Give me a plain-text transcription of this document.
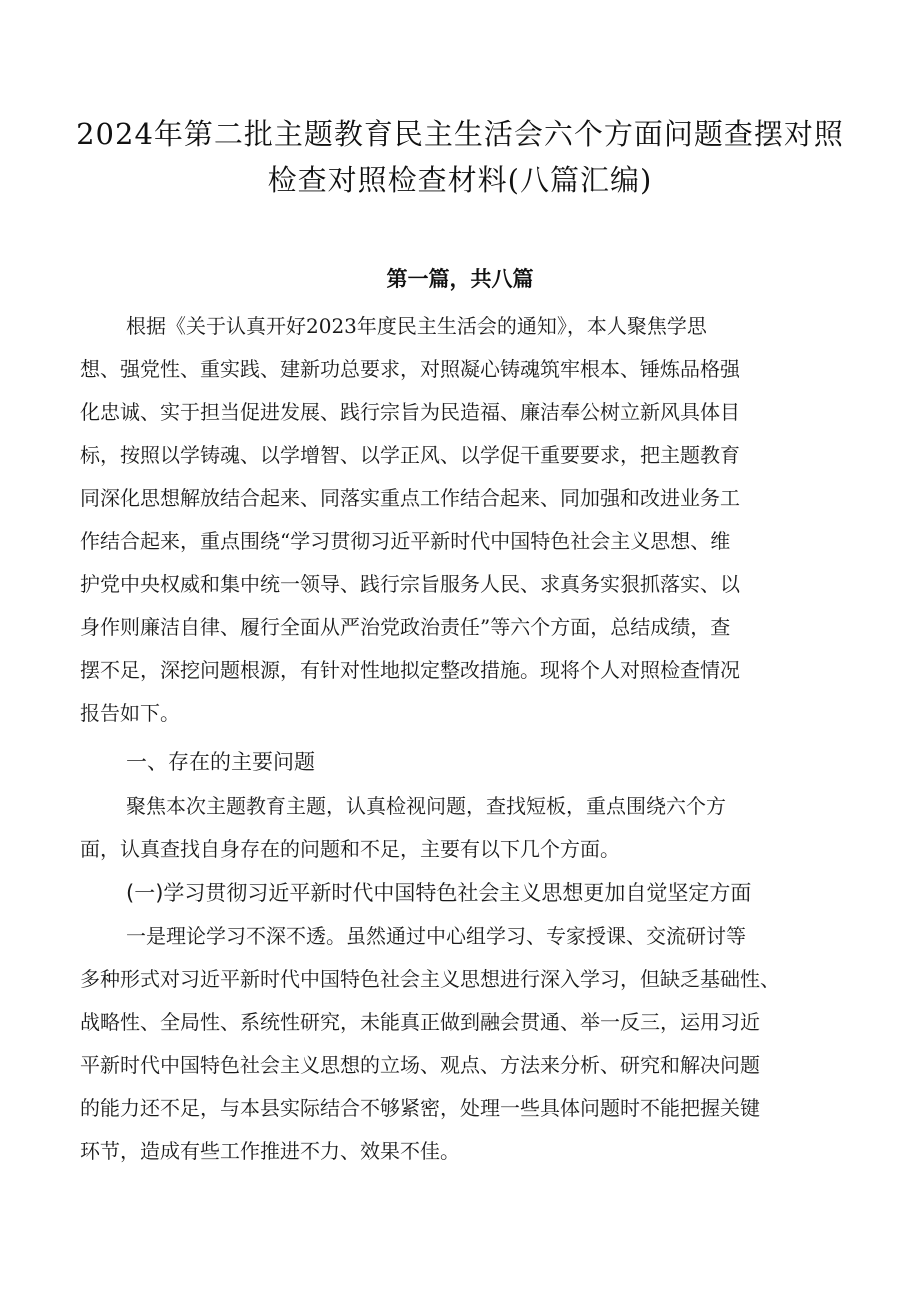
2024年第二批主题教育民主生活会六个方面问题查摆对照
检查对照检查材料(八篇汇编)
第一篇，共八篇
根据《关于认真开好2023年度民主生活会的通知》，本人聚焦学思
想、强党性、重实践、建新功总要求，对照凝心铸魂筑牢根本、锤炼品格强
化忠诚、实于担当促进发展、践行宗旨为民造福、廉洁奉公树立新风具体目
标，按照以学铸魂、以学增智、以学正风、以学促干重要要求，把主题教育
同深化思想解放结合起来、同落实重点工作结合起来、同加强和改进业务工
作结合起来，重点围绕“学习贯彻习近平新时代中国特色社会主义思想、维
护党中央权威和集中统一领导、践行宗旨服务人民、求真务实狠抓落实、以
身作则廉洁自律、履行全面从严治党政治责任”等六个方面，总结成绩，查
摆不足，深挖问题根源，有针对性地拟定整改措施。现将个人对照检查情况
报告如下。
一、存在的主要问题
聚焦本次主题教育主题，认真检视问题，查找短板，重点围绕六个方
面，认真查找自身存在的问题和不足，主要有以下几个方面。
(一)学习贯彻习近平新时代中国特色社会主义思想更加自觉坚定方面
一是理论学习不深不透。虽然通过中心组学习、专家授课、交流研讨等
多种形式对习近平新时代中国特色社会主义思想进行深入学习，但缺乏基础性、
战略性、全局性、系统性研究，未能真正做到融会贯通、举一反三，运用习近
平新时代中国特色社会主义思想的立场、观点、方法来分析、研究和解决问题
的能力还不足，与本县实际结合不够紧密，处理一些具体问题时不能把握关键
环节，造成有些工作推进不力、效果不佳。
